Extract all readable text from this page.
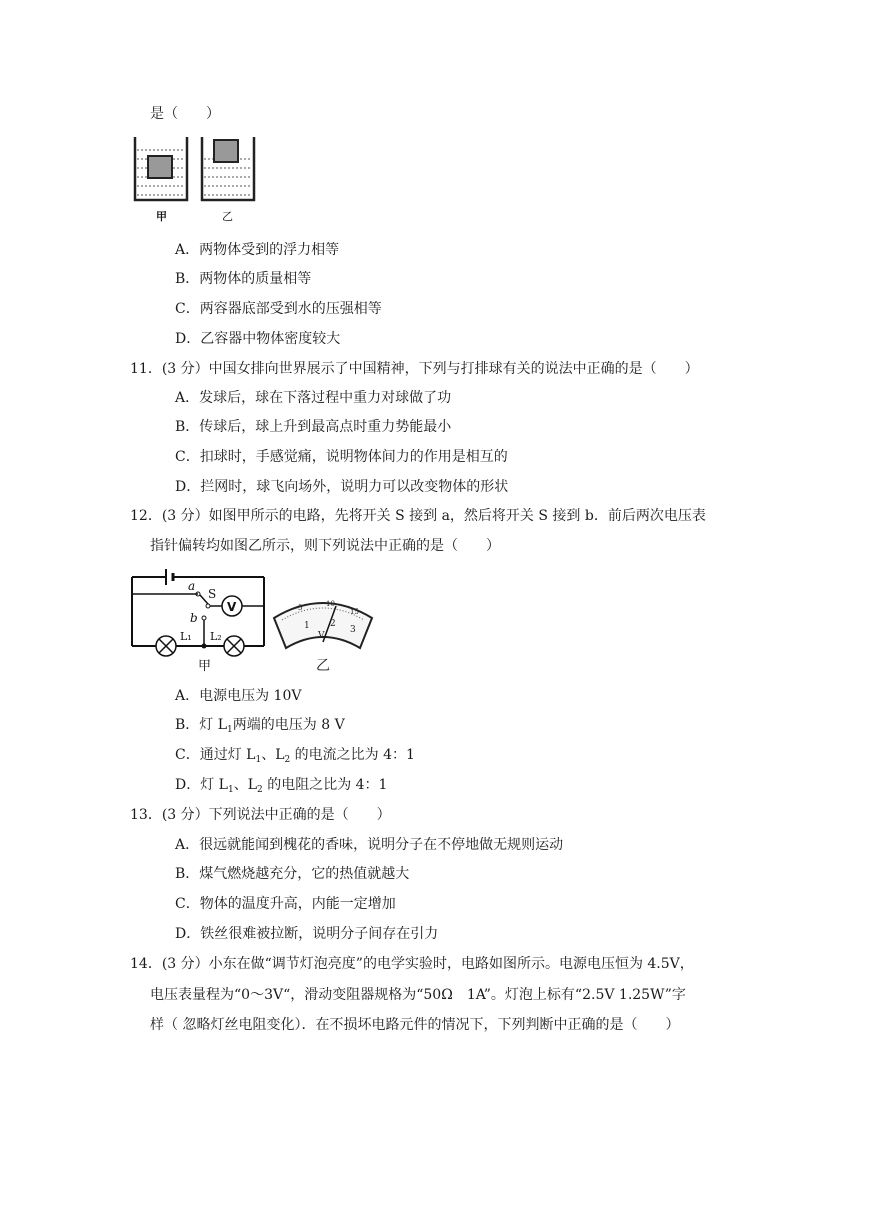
是（　　）
甲	乙
A．两物体受到的浮力相等
B．两物体的质量相等
C．两容器底部受到水的压强相等
D．乙容器中物体密度较大
11．(3 分）中国女排向世界展示了中国精神，下列与打排球有关的说法中正确的是（　　）
A．发球后，球在下落过程中重力对球做了功
B．传球后，球上升到最高点时重力势能最小
C．扣球时，手感觉痛，说明物体间力的作用是相互的
D．拦网时，球飞向场外，说明力可以改变物体的形状
12．(3 分）如图甲所示的电路，先将开关 S 接到 a，然后将开关 S 接到 b．前后两次电压表
指针偏转均如图乙所示，则下列说法中正确的是（　　）
a
S
V
b
L₁ L₂
甲
5	10
15
1 2
3
V
乙
A．电源电压为 10V
B．灯 $L_1$两端的电压为 8 V
C．通过灯 $L_1$、$L_2$ 的电流之比为 4：1
D．灯 $L_1$、$L_2$ 的电阻之比为 4：1
13．(3 分）下列说法中正确的是（　　）
A．很远就能闻到槐花的香味，说明分子在不停地做无规则运动
B．煤气燃烧越充分，它的热值就越大
C．物体的温度升高，内能一定增加
D．铁丝很难被拉断，说明分子间存在引力
14．(3 分）小东在做“调节灯泡亮度”的电学实验时，电路如图所示。电源电压恒为 4.5V，
电压表量程为“0～3V“，滑动变阻器规格为“50Ω　1A”。灯泡上标有“2.5V 1.25W”字
样（ 忽略灯丝电阻变化）．在不损坏电路元件的情况下，下列判断中正确的是（　　）
